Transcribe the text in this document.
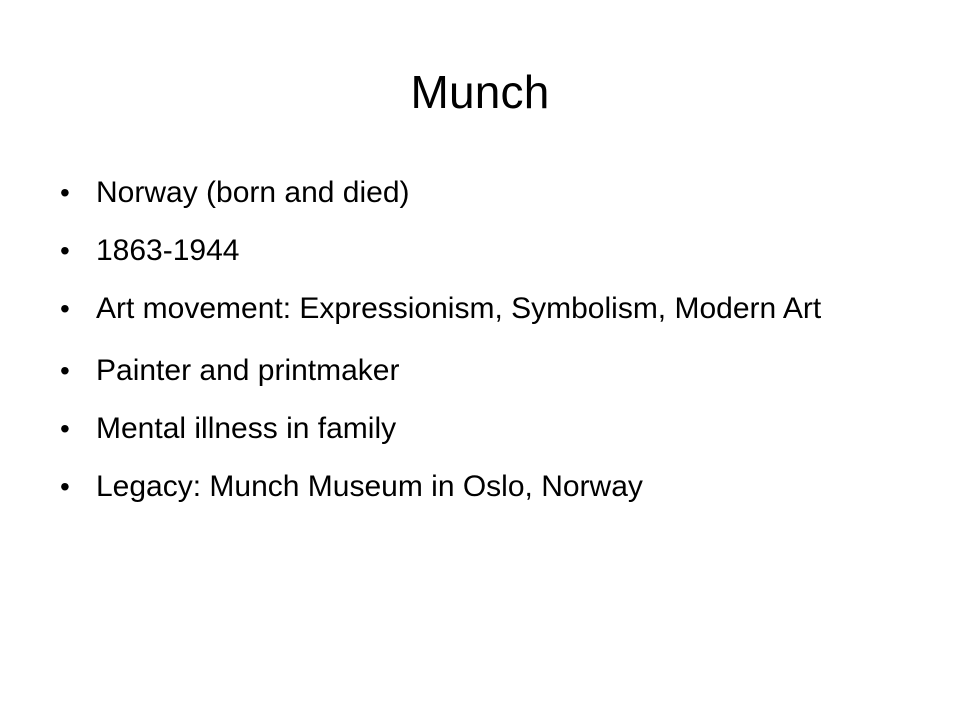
Munch
• Norway (born and died)
• 1863-1944
• Art movement: Expressionism, Symbolism, Modern Art
• Painter and printmaker
• Mental illness in family
• Legacy: Munch Museum in Oslo, Norway
